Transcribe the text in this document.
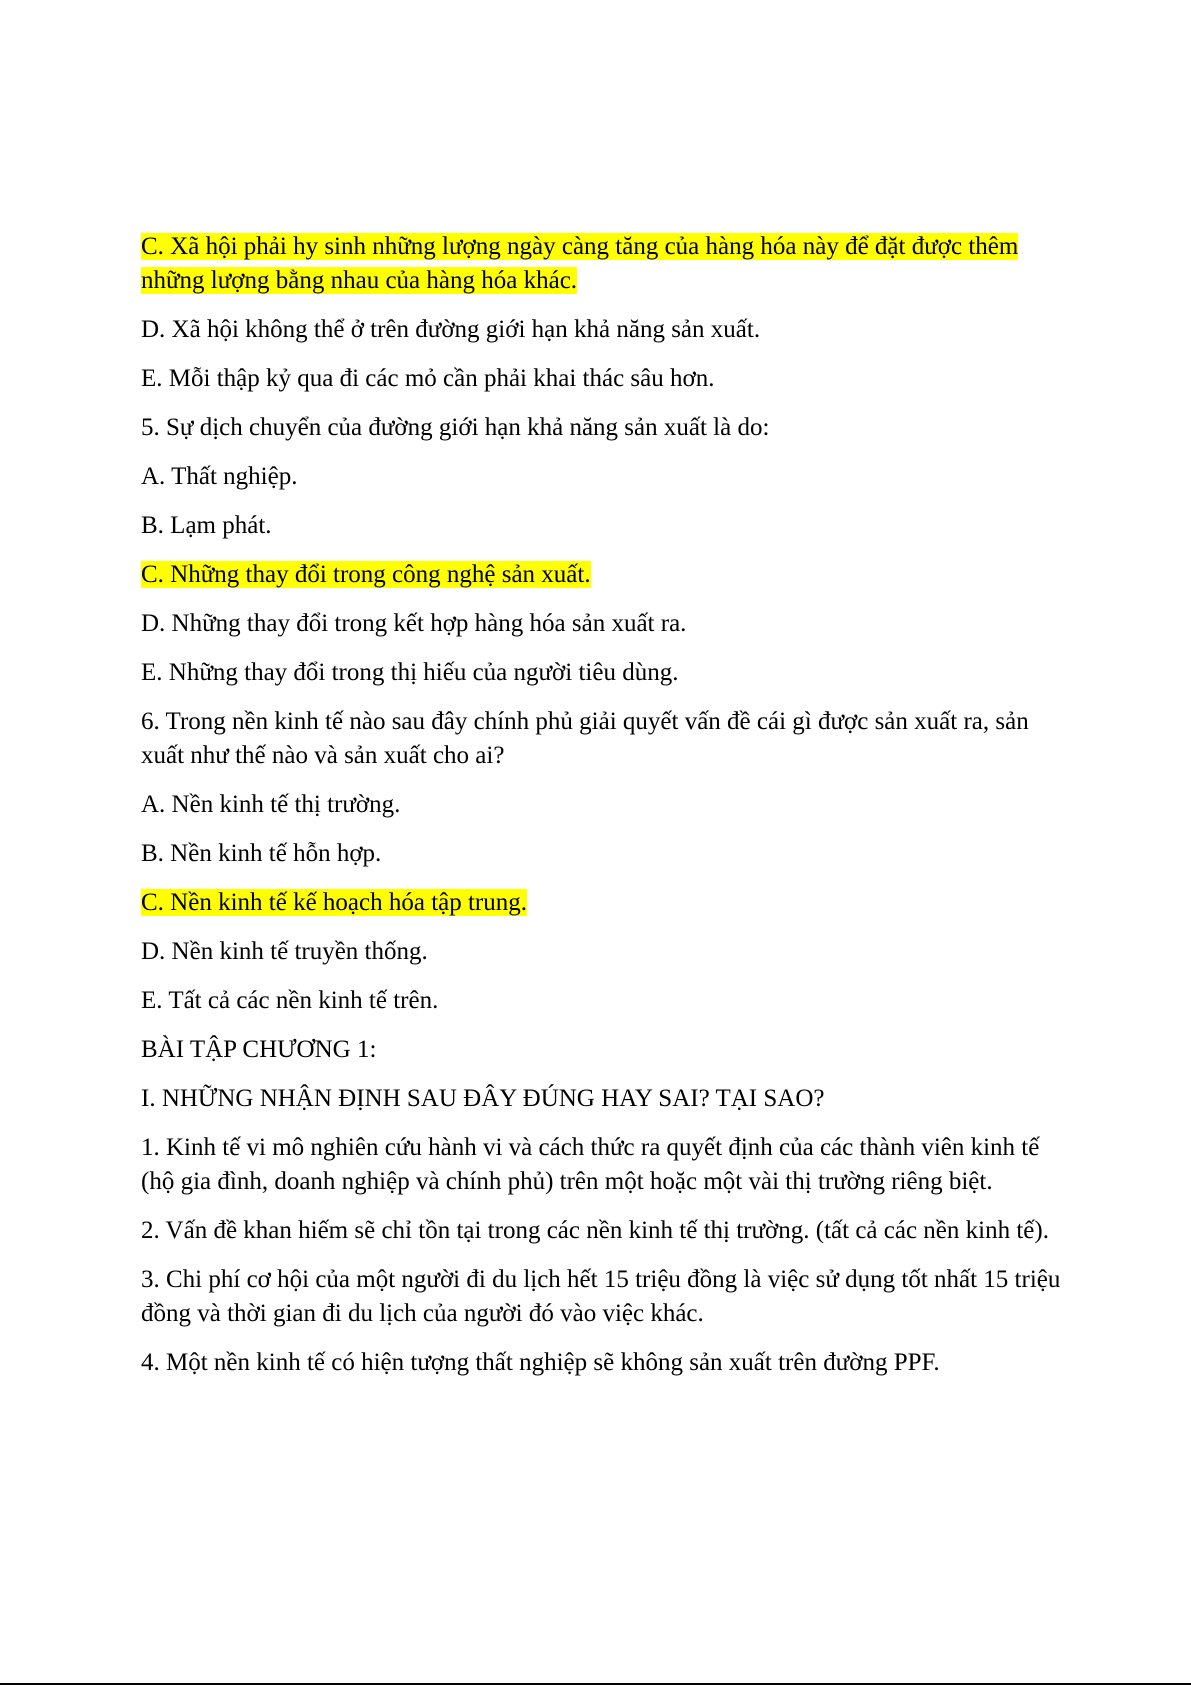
C. Xã hội phải hy sinh những lượng ngày càng tăng của hàng hóa này để đặt được thêm những lượng bằng nhau của hàng hóa khác.

D. Xã hội không thể ở trên đường giới hạn khả năng sản xuất.

E. Mỗi thập kỷ qua đi các mỏ cần phải khai thác sâu hơn.

5. Sự dịch chuyển của đường giới hạn khả năng sản xuất là do:

A. Thất nghiệp.

B. Lạm phát.

C. Những thay đổi trong công nghệ sản xuất.

D. Những thay đổi trong kết hợp hàng hóa sản xuất ra.

E. Những thay đổi trong thị hiếu của người tiêu dùng.

6. Trong nền kinh tế nào sau đây chính phủ giải quyết vấn đề cái gì được sản xuất ra, sản xuất như thế nào và sản xuất cho ai?

A. Nền kinh tế thị trường.

B. Nền kinh tế hỗn hợp.

C. Nền kinh tế kế hoạch hóa tập trung.

D. Nền kinh tế truyền thống.

E. Tất cả các nền kinh tế trên.

BÀI TẬP CHƯƠNG 1:

I. NHỮNG NHẬN ĐỊNH SAU ĐÂY ĐÚNG HAY SAI? TẠI SAO?

1. Kinh tế vi mô nghiên cứu hành vi và cách thức ra quyết định của các thành viên kinh tế (hộ gia đình, doanh nghiệp và chính phủ) trên một hoặc một vài thị trường riêng biệt.

2. Vấn đề khan hiếm sẽ chỉ tồn tại trong các nền kinh tế thị trường. (tất cả các nền kinh tế).

3. Chi phí cơ hội của một người đi du lịch hết 15 triệu đồng là việc sử dụng tốt nhất 15 triệu đồng và thời gian đi du lịch của người đó vào việc khác.

4. Một nền kinh tế có hiện tượng thất nghiệp sẽ không sản xuất trên đường PPF.
